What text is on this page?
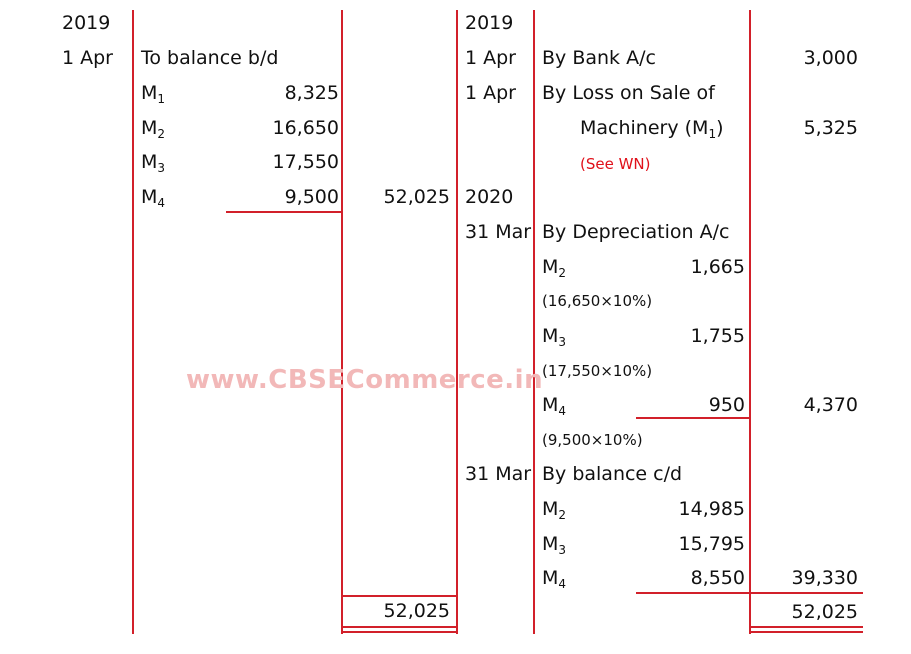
www.CBSECommerce.in
2019
1 Apr To balance b/d
$M_1$	8,325
$M_2$	16,650
$M_3$	17,550
$M_4$	9,500 52,025
52,025
2019
1 Apr By Bank A/c	3,000
1 Apr By Loss on Sale of
Machinery $(M_1)$	5,325
(See WN)
2020
31 Mar By Depreciation A/c
$M_2$	1,665
(16,650×10%)
$M_3$	1,755
(17,550×10%)
$M_4$	950	4,370
(9,500×10%)
31 Mar By balance c/d
$M_2$	14,985
$M_3$	15,795
$M_4$	8,550 39,330
52,025
